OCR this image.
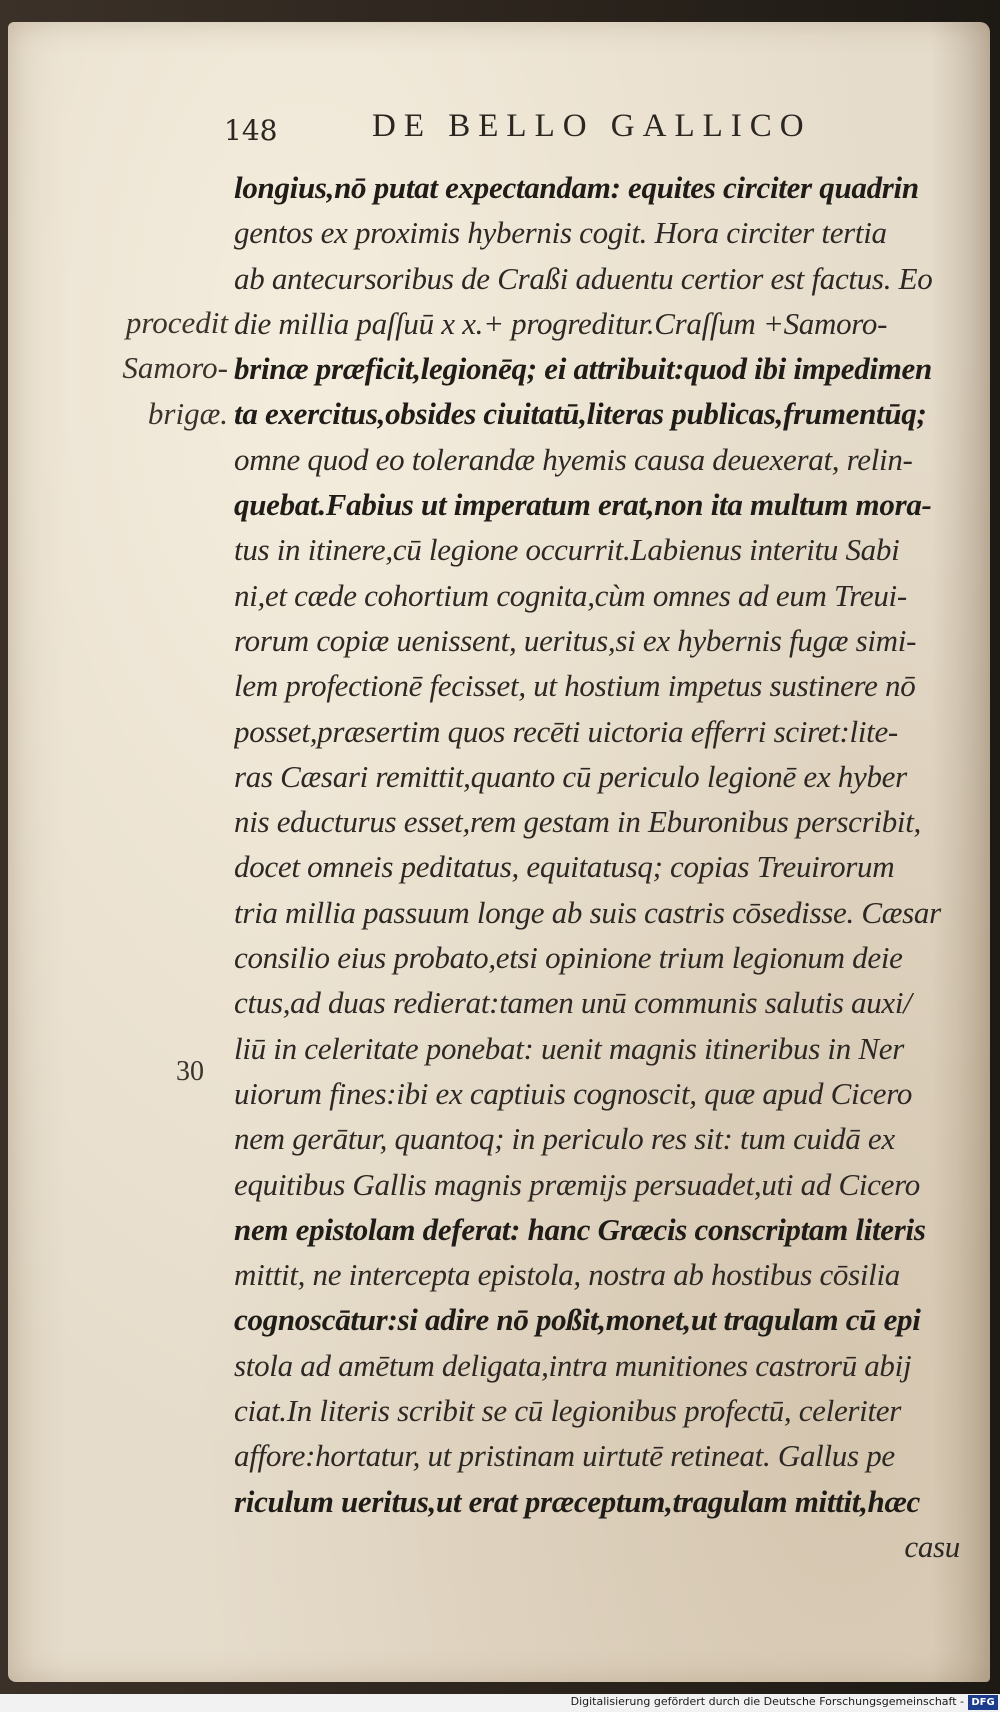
148	DE BELLO GALLICO
procedit
Samoro-
brigæ.
30
longius,nō putat expectandam: equites circiter quadrin
gentos ex proximis hybernis cogit. Hora circiter tertia
ab antecursoribus de Craßi aduentu certior est factus. Eo
die millia paſſuū x x.+ progreditur.Craſſum +Samoro-
brinæ præficit,legionēq; ei attribuit:quod ibi impedimen
ta exercitus,obsides ciuitatū,literas publicas,frumentūq;
omne quod eo tolerandæ hyemis causa deuexerat, relin-
quebat.Fabius ut imperatum erat,non ita multum mora-
tus in itinere,cū legione occurrit.Labienus interitu Sabi
ni,et cæde cohortium cognita,cùm omnes ad eum Treui-
rorum copiæ uenissent, ueritus,si ex hybernis fugæ simi-
lem profectionē fecisset, ut hostium impetus sustinere nō
posset,præsertim quos recēti uictoria efferri sciret:lite-
ras Cæsari remittit,quanto cū periculo legionē ex hyber
nis educturus esset,rem gestam in Eburonibus perscribit,
docet omneis peditatus, equitatusq; copias Treuirorum
tria millia passuum longe ab suis castris cōsedisse. Cæsar
consilio eius probato,etsi opinione trium legionum deie
ctus,ad duas redierat:tamen unū communis salutis auxi/
liū in celeritate ponebat: uenit magnis itineribus in Ner
uiorum fines:ibi ex captiuis cognoscit, quæ apud Cicero
nem gerātur, quantoq; in periculo res sit: tum cuidā ex
equitibus Gallis magnis præmijs persuadet,uti ad Cicero
nem epistolam deferat: hanc Græcis conscriptam literis
mittit, ne intercepta epistola, nostra ab hostibus cōsilia
cognoscātur:si adire nō poßit,monet,ut tragulam cū epi
stola ad amētum deligata,intra munitiones castrorū abij
ciat.In literis scribit se cū legionibus profectū, celeriter
affore:hortatur, ut pristinam uirtutē retineat. Gallus pe
riculum ueritus,ut erat præceptum,tragulam mittit,hæc
casu
Digitalisierung gefördert durch die Deutsche Forschungsgemeinschaft - DFG
